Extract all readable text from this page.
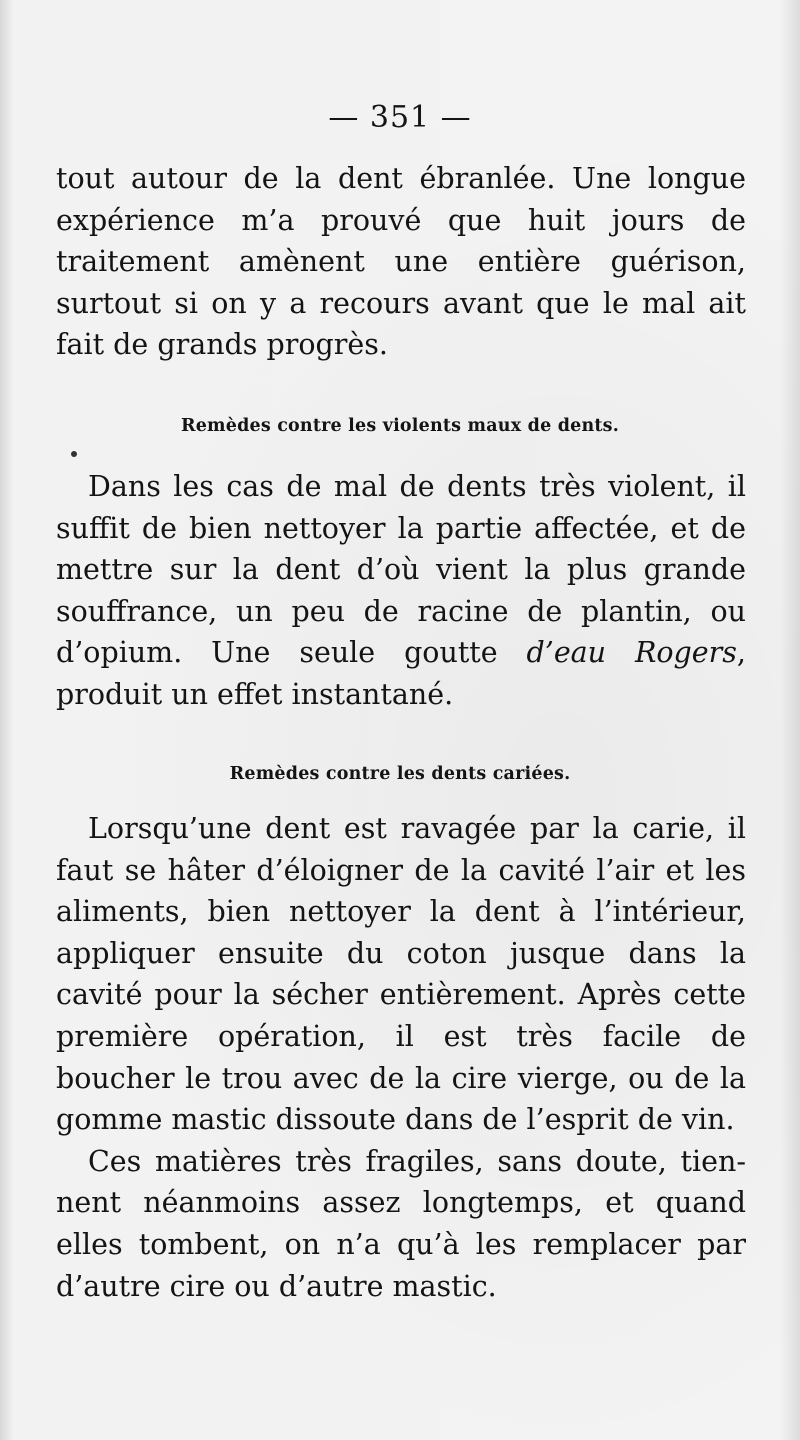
— 351 —

tout autour de la dent ébranlée. Une longue expérience m’a prouvé que huit jours de traitement amènent une entière guérison, surtout si on y a recours avant que le mal ait fait de grands progrès.

Remèdes contre les violents maux de dents.

Dans les cas de mal de dents très violent, il suffit de bien nettoyer la partie affectée, et de mettre sur la dent d’où vient la plus grande souffrance, un peu de racine de plantin, ou d’opium. Une seule goutte d’eau Rogers, produit un effet instantané.

Remèdes contre les dents cariées.

Lorsqu’une dent est ravagée par la carie, il faut se hâter d’éloigner de la cavité l’air et les aliments, bien nettoyer la dent à l’intérieur, appliquer ensuite du coton jusque dans la cavité pour la sécher entièrement. Après cette première opération, il est très facile de boucher le trou avec de la cire vierge, ou de la gomme mastic dissoute dans de l’esprit de vin.

Ces matières très fragiles, sans doute, tiennent néanmoins assez longtemps, et quand elles tombent, on n’a qu’à les remplacer par d’autre cire ou d’autre mastic.
